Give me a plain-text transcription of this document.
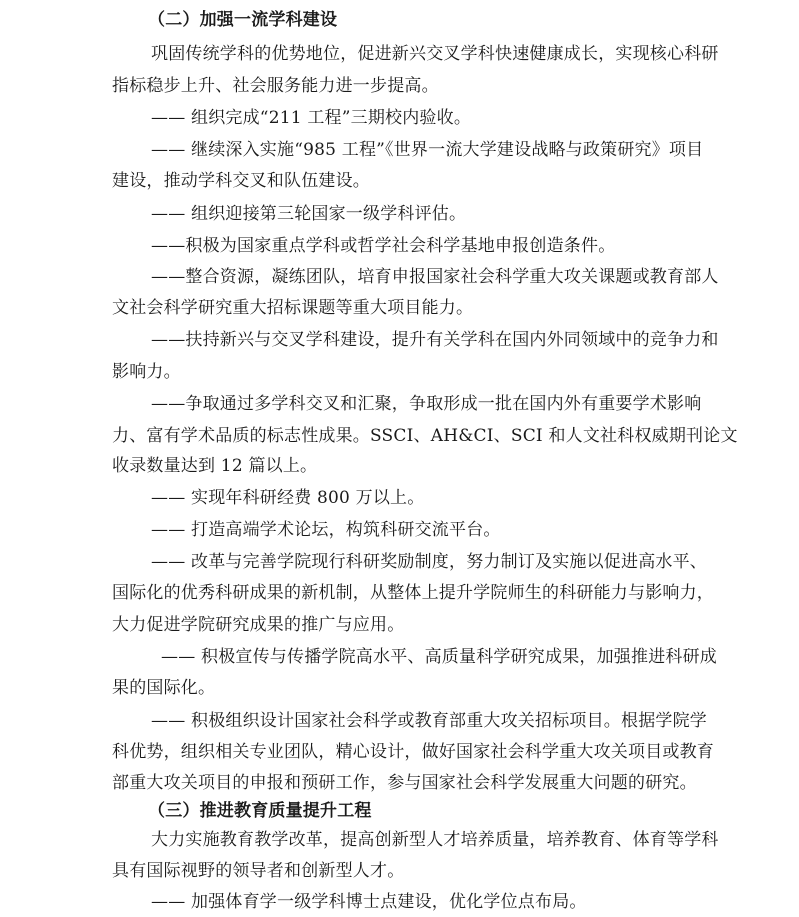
（二）加强一流学科建设
巩固传统学科的优势地位，促进新兴交叉学科快速健康成长，实现核心科研
指标稳步上升、社会服务能力进一步提高。
—— 组织完成“211 工程”三期校内验收。
—— 继续深入实施“985 工程”《世界一流大学建设战略与政策研究》项目
建设，推动学科交叉和队伍建设。
—— 组织迎接第三轮国家一级学科评估。
——积极为国家重点学科或哲学社会科学基地申报创造条件。
——整合资源，凝练团队，培育申报国家社会科学重大攻关课题或教育部人
文社会科学研究重大招标课题等重大项目能力。
——扶持新兴与交叉学科建设，提升有关学科在国内外同领域中的竞争力和
影响力。
——争取通过多学科交叉和汇聚，争取形成一批在国内外有重要学术影响
力、富有学术品质的标志性成果。SSCI、AH&CI、SCI 和人文社科权威期刊论文
收录数量达到 12 篇以上。
—— 实现年科研经费 800 万以上。
—— 打造高端学术论坛，构筑科研交流平台。
—— 改革与完善学院现行科研奖励制度，努力制订及实施以促进高水平、
国际化的优秀科研成果的新机制，从整体上提升学院师生的科研能力与影响力，
大力促进学院研究成果的推广与应用。
—— 积极宣传与传播学院高水平、高质量科学研究成果，加强推进科研成
果的国际化。
—— 积极组织设计国家社会科学或教育部重大攻关招标项目。根据学院学
科优势，组织相关专业团队，精心设计，做好国家社会科学重大攻关项目或教育
部重大攻关项目的申报和预研工作，参与国家社会科学发展重大问题的研究。
（三）推进教育质量提升工程
大力实施教育教学改革，提高创新型人才培养质量，培养教育、体育等学科
具有国际视野的领导者和创新型人才。
—— 加强体育学一级学科博士点建设，优化学位点布局。
